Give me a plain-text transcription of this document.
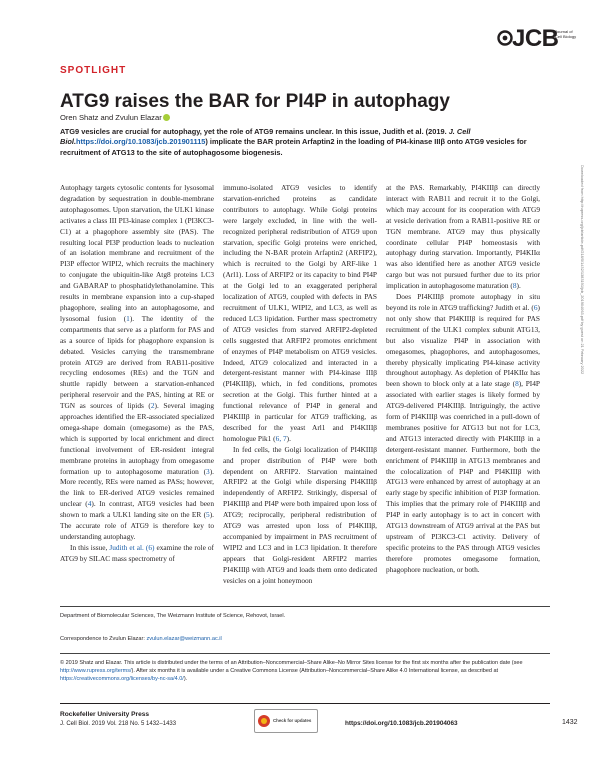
JCB
Journal of Cell Biology
SPOTLIGHT
ATG9 raises the BAR for PI4P in autophagy
Oren Shatz and Zvulun Elazar

ATG9 vesicles are crucial for autophagy, yet the role of ATG9 remains unclear. In this issue, Judith et al. (2019. J. Cell Biol.https://doi.org/10.1083/jcb.201901115) implicate the BAR protein Arfaptin2 in the loading of PI4-kinase IIIβ onto ATG9 vesicles for recruitment of ATG13 to the site of autophagosome biogenesis.

Downloaded from http://rupress.org/jcb/article-pdf/218/5/1432/1383191/jcb_201904063.pdf by guest on 21 February 2022

Autophagy targets cytosolic contents for lysosomal degradation by sequestration in double-membrane autophagosomes. Upon starvation, the ULK1 kinase activates a class III PI3-kinase complex 1 (PI3KC3-C1) at a phagophore assembly site (PAS). The resulting local PI3P production leads to nucleation of an isolation membrane and recruitment of the PI3P effector WIPI2, which recruits the machinery to conjugate the ubiquitin-like Atg8 proteins LC3 and GABARAP to phosphatidylethanolamine. This results in membrane expansion into a cup-shaped phagophore, sealing into an autophagosome, and lysosomal fusion (1). The identity of the compartments that serve as a platform for PAS and as a source of lipids for phagophore expansion is debated. Vesicles carrying the transmembrane protein ATG9 are derived from RAB11-positive recycling endosomes (REs) and the TGN and shuttle rapidly between a starvation-enhanced peripheral reservoir and the PAS, hinting at RE or TGN as sources of lipids (2). Several imaging approaches identified the ER-associated specialized omega-shape domain (omegasome) as the PAS, which is supported by local enrichment and direct functional involvement of ER-resident integral membrane proteins in autophagy from omegasome formation up to autophagosome maturation (3). More recently, REs were named as PASs; however, the link to ER-derived ATG9 vesicles remained unclear (4). In contrast, ATG9 vesicles had been shown to mark a ULK1 landing site on the ER (5). The accurate role of ATG9 is therefore key to understanding autophagy.

In this issue, Judith et al. (6) examine the role of ATG9 by SILAC mass spectrometry of

immuno-isolated ATG9 vesicles to identify starvation-enriched proteins as candidate contributors to autophagy. While Golgi proteins were largely excluded, in line with the well-recognized peripheral redistribution of ATG9 upon starvation, specific Golgi proteins were enriched, including the N-BAR protein Arfaptin2 (ARFIP2), which is recruited to the Golgi by ARF-like 1 (Arl1). Loss of ARFIP2 or its capacity to bind PI4P at the Golgi led to an exaggerated peripheral localization of ATG9, coupled with defects in PAS recruitment of ULK1, WIPI2, and LC3, as well as reduced LC3 lipidation. Further mass spectrometry of ATG9 vesicles from starved ARFIP2-depleted cells suggested that ARFIP2 promotes enrichment of enzymes of PI4P metabolism on ATG9 vesicles. Indeed, ATG9 colocalized and interacted in a detergent-resistant manner with PI4-kinase IIIβ (PI4KIIIβ), which, in fed conditions, promotes secretion at the Golgi. This further hinted at a functional relevance of PI4P in general and PI4KIIIβ in particular for ATG9 trafficking, as described for the yeast Arl1 and PI4KIIIβ homologue Pik1 (6, 7).

In fed cells, the Golgi localization of PI4KIIIβ and proper distribution of PI4P were both dependent on ARFIP2. Starvation maintained ARFIP2 at the Golgi while dispersing PI4KIIIβ independently of ARFIP2. Strikingly, dispersal of PI4KIIIβ and PI4P were both impaired upon loss of ATG9; reciprocally, peripheral redistribution of ATG9 was arrested upon loss of PI4KIIIβ, accompanied by impairment in PAS recruitment of WIPI2 and LC3 and in LC3 lipidation. It therefore appears that Golgi-resident ARFIP2 marries PI4KIIIβ with ATG9 and loads them onto dedicated vesicles on a joint honeymoon

at the PAS. Remarkably, PI4KIIIβ can directly interact with RAB11 and recruit it to the Golgi, which may account for its cooperation with ATG9 at vesicle derivation from a RAB11-positive RE or TGN membrane. ATG9 may thus physically coordinate cellular PI4P homeostasis with autophagy during starvation. Importantly, PI4KIIα was also identified here as another ATG9 vesicle cargo but was not pursued further due to its prior implication in autophagosome maturation (8).

Does PI4KIIIβ promote autophagy in situ beyond its role in ATG9 trafficking? Judith et al. (6) not only show that PI4KIIIβ is required for PAS recruitment of the ULK1 complex subunit ATG13, but also visualize PI4P in association with omegasomes, phagophores, and autophagosomes, thereby physically implicating PI4-kinase activity throughout autophagy. As depletion of PI4KIIα has been shown to block only at a late stage (8), PI4P associated with earlier stages is likely formed by ATG9-delivered PI4KIIIβ. Intriguingly, the active form of PI4KIIIβ was coenriched in a pull-down of membranes positive for ATG13 but not for LC3, and ATG13 interacted directly with PI4KIIIβ in a detergent-resistant manner. Furthermore, both the enrichment of PI4KIIIβ in ATG13 membranes and the colocalization of PI4P and PI4KIIIβ with ATG13 were enhanced by arrest of autophagy at an early stage by specific inhibition of PI3P formation. This implies that the primary role of PI4KIIIβ and PI4P in early autophagy is to act in concert with ATG13 downstream of ATG9 arrival at the PAS but upstream of PI3KC3-C1 activity. Delivery of specific proteins to the PAS through ATG9 vesicles therefore promotes omegasome formation, phagophore nucleation, or both.

Department of Biomolecular Sciences, The Weizmann Institute of Science, Rehovot, Israel.
Correspondence to Zvulun Elazar: zvulun.elazar@weizmann.ac.il
© 2019 Shatz and Elazar. This article is distributed under the terms of an Attribution–Noncommercial–Share Alike–No Mirror Sites license for the first six months after the publication date (see http://www.rupress.org/terms/). After six months it is available under a Creative Commons License (Attribution–Noncommercial–Share Alike 4.0 International license, as described at https://creativecommons.org/licenses/by-nc-sa/4.0/).
Rockefeller University Press
J. Cell Biol. 2019 Vol. 218 No. 5 1432–1433
Check for updates	https://doi.org/10.1083/jcb.201904063	1432
